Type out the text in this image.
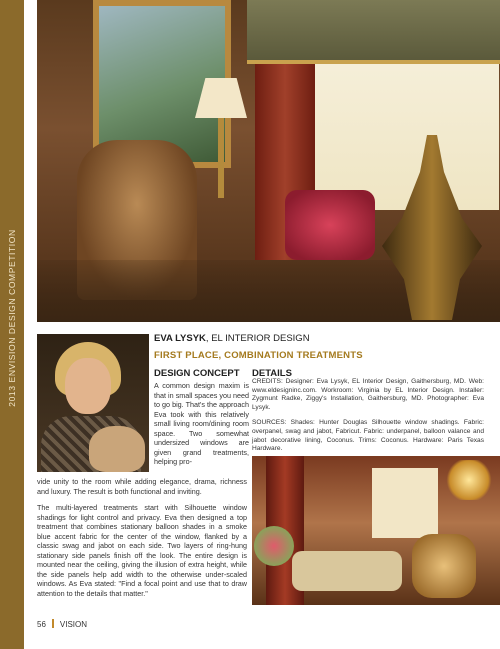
2013 ENVISION DESIGN COMPETITION	EVA LYSYK, EL INTERIOR DESIGN
FIRST PLACE, COMBINATION TREATMENTS
DESIGN CONCEPT
A common design maxim is that in small spaces you need to go big. That's the approach Eva took with this relatively small living room/dining room space. Two somewhat undersized windows are given grand treatments, helping pro-

vide unity to the room while adding elegance, drama, richness and luxury. The result is both functional and inviting.

The multi-layered treatments start with Silhouette window shadings for light control and privacy. Eva then designed a top treatment that combines stationary balloon shades in a smoke blue accent fabric for the center of the window, flanked by a classic swag and jabot on each side. Two layers of ring-hung stationary side panels finish off the look. The entire design is mounted near the ceiling, giving the illusion of extra height, while the side panels help add width to the otherwise under-scaled windows. As Eva stated: "Find a focal point and use that to draw attention to the details that matter."

DETAILS

CREDITS: Designer: Eva Lysyk, EL Interior Design, Gaithersburg, MD. Web: www.eldesigninc.com. Workroom: Virginia by EL Interior Design. Installer: Zygmunt Radke, Ziggy's Installation, Gaithersburg, MD. Photographer: Eva Lysyk.

SOURCES: Shades: Hunter Douglas Silhouette window shadings. Fabric: overpanel, swag and jabot, Fabricut. Fabric: underpanel, balloon valance and jabot decorative lining, Coconus. Trims: Coconus. Hardware: Paris Texas Hardware.

56 VISION
